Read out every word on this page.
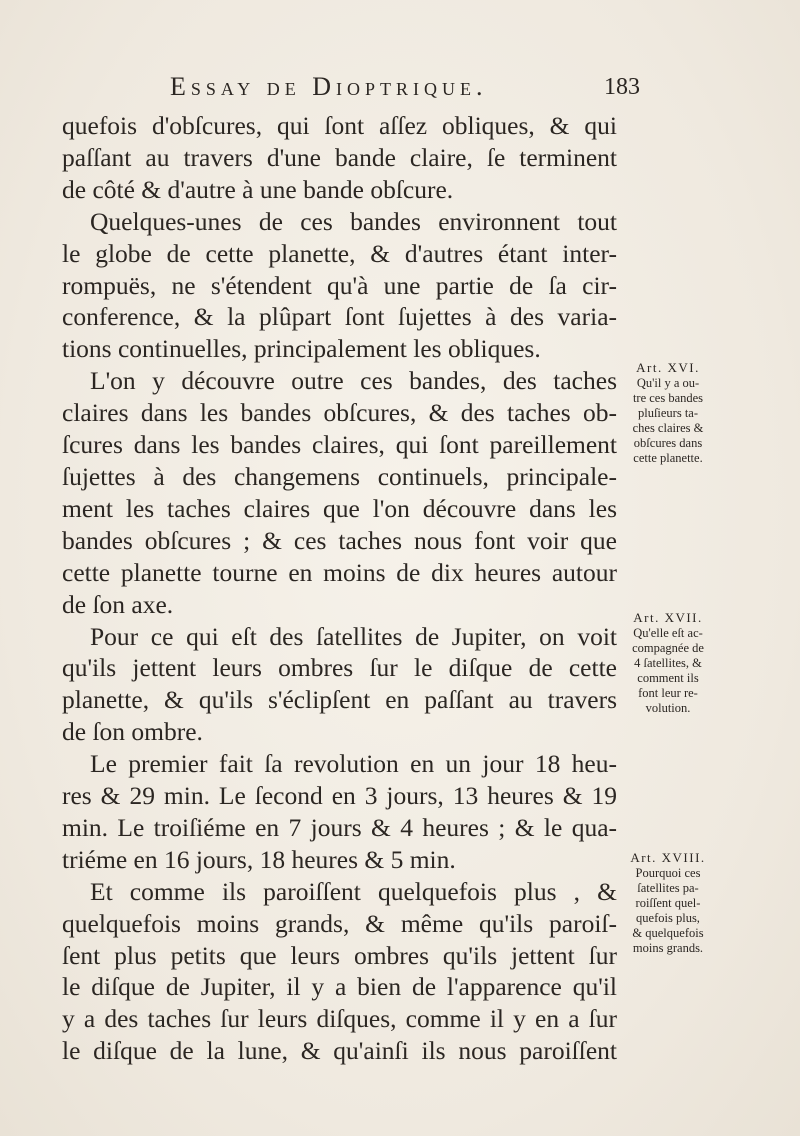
Essay de Dioptrique.	183
quefois d'obſcures, qui ſont aſſez obliques, & qui
paſſant au travers d'une bande claire, ſe terminent
de côté & d'autre à une bande obſcure.
Quelques-unes de ces bandes environnent tout
le globe de cette planette, & d'autres étant inter-
rompuës, ne s'étendent qu'à une partie de ſa cir-
conference, & la plûpart ſont ſujettes à des varia-
tions continuelles, principalement les obliques.
L'on y découvre outre ces bandes, des taches
claires dans les bandes obſcures, & des taches ob-
ſcures dans les bandes claires, qui ſont pareillement
ſujettes à des changemens continuels, principale-
ment les taches claires que l'on découvre dans les
bandes obſcures ; & ces taches nous font voir que
cette planette tourne en moins de dix heures autour
de ſon axe.
Pour ce qui eſt des ſatellites de Jupiter, on voit
qu'ils jettent leurs ombres ſur le diſque de cette
planette, & qu'ils s'éclipſent en paſſant au travers
de ſon ombre.
Le premier fait ſa revolution en un jour 18 heu-
res & 29 min. Le ſecond en 3 jours, 13 heures & 19
min. Le troiſiéme en 7 jours & 4 heures ; & le qua-
triéme en 16 jours, 18 heures & 5 min.
Et comme ils paroiſſent quelquefois plus , &
quelquefois moins grands, & même qu'ils paroiſ-
ſent plus petits que leurs ombres qu'ils jettent ſur
le diſque de Jupiter, il y a bien de l'apparence qu'il
y a des taches ſur leurs diſques, comme il y en a ſur
le diſque de la lune, & qu'ainſi ils nous paroiſſent
Art. XVI.
Qu'il y a ou-
tre ces bandes
pluſieurs ta-
ches claires &
obſcures dans
cette planette.
Art. XVII.
Qu'elle eſt ac-
compagnée de
4 ſatellites, &
comment ils
font leur re-
volution.
Art. XVIII.
Pourquoi ces
ſatellites pa-
roiſſent quel-
quefois plus,
& quelquefois
moins grands.
